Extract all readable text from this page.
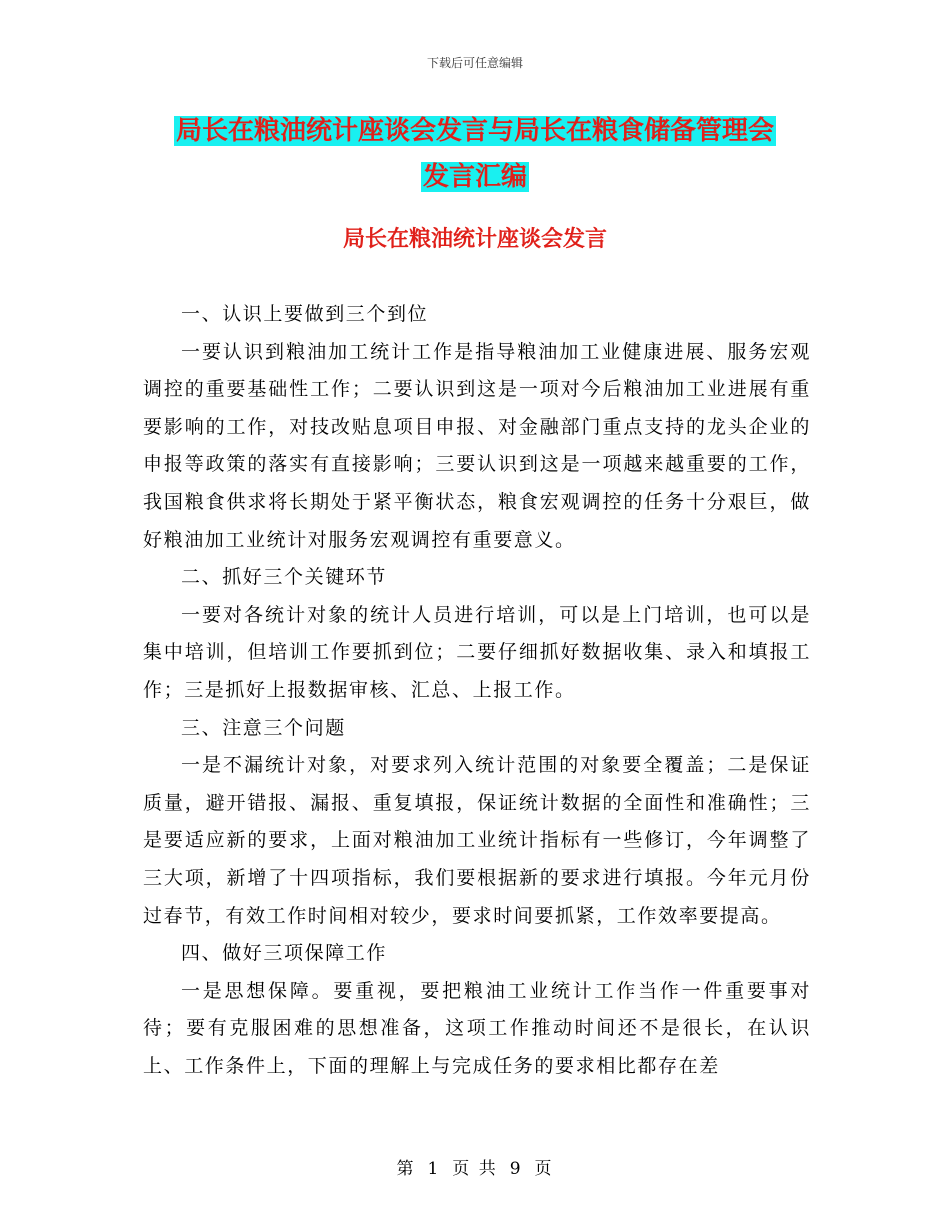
下载后可任意编辑
局长在粮油统计座谈会发言与局长在粮食储备管理会
发言汇编
局长在粮油统计座谈会发言

一、认识上要做到三个到位

一要认识到粮油加工统计工作是指导粮油加工业健康进展、服务宏观调控的重要基础性工作；二要认识到这是一项对今后粮油加工业进展有重要影响的工作，对技改贴息项目申报、对金融部门重点支持的龙头企业的申报等政策的落实有直接影响；三要认识到这是一项越来越重要的工作，我国粮食供求将长期处于紧平衡状态，粮食宏观调控的任务十分艰巨，做好粮油加工业统计对服务宏观调控有重要意义。

二、抓好三个关键环节

一要对各统计对象的统计人员进行培训，可以是上门培训，也可以是集中培训，但培训工作要抓到位；二要仔细抓好数据收集、录入和填报工作；三是抓好上报数据审核、汇总、上报工作。

三、注意三个问题

一是不漏统计对象，对要求列入统计范围的对象要全覆盖；二是保证质量，避开错报、漏报、重复填报，保证统计数据的全面性和准确性；三是要适应新的要求，上面对粮油加工业统计指标有一些修订，今年调整了三大项，新增了十四项指标，我们要根据新的要求进行填报。今年元月份过春节，有效工作时间相对较少，要求时间要抓紧，工作效率要提高。

四、做好三项保障工作

一是思想保障。要重视，要把粮油工业统计工作当作一件重要事对待；要有克服困难的思想准备，这项工作推动时间还不是很长，在认识上、工作条件上，下面的理解上与完成任务的要求相比都存在差

第 1 页 共 9 页
